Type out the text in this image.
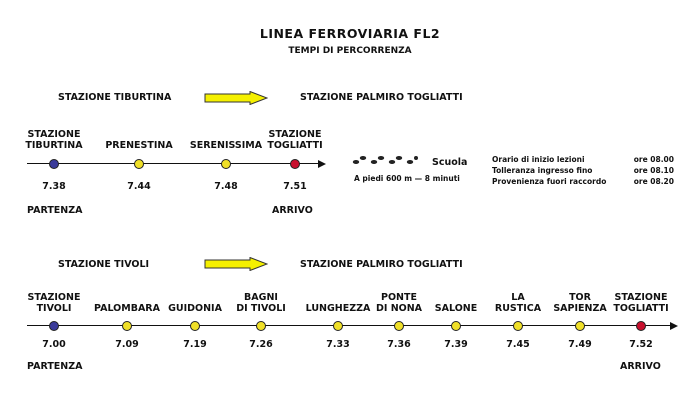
LINEA FERROVIARIA FL2
TEMPI DI PERCORRENZA
STAZIONE TIBURTINA	STAZIONE PALMIRO TOGLIATTI
STAZIONE
TIBURTINA
7.38
PRENESTINA
7.44
SERENISSIMA
7.48
STAZIONE
TOGLIATTI
7.51
PARTENZA	ARRIVO
Scuola
A piedi 600 m — 8 minuti
Orario di inizio lezioni	ore 08.00
Tolleranza ingresso fino	ore 08.10
Provenienza fuori raccordo	ore 08.20
STAZIONE TIVOLI	STAZIONE PALMIRO TOGLIATTI
STAZIONE
TIVOLI
7.00
PALOMBARA
7.09
GUIDONIA
7.19
BAGNI
DI TIVOLI
7.26
LUNGHEZZA
7.33
PONTE
DI NONA
7.36
SALONE
7.39
LA
RUSTICA
7.45
TOR
SAPIENZA
7.49
STAZIONE
TOGLIATTI
7.52
PARTENZA	ARRIVO
